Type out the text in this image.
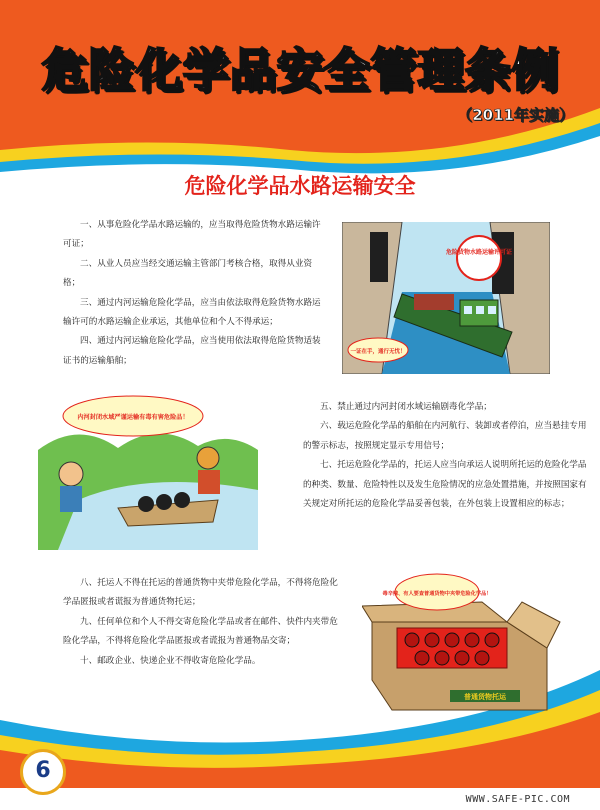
危险化学品安全管理条例
（2011年实施）
危险化学品水路运输安全

一、从事危险化学品水路运输的，应当取得危险货物水路运输许可证；

二、从业人员应当经交通运输主管部门考核合格，取得从业资格；

三、通过内河运输危险化学品，应当由依法取得危险货物水路运输许可的水路运输企业承运，其他单位和个人不得承运；

四、通过内河运输危险化学品，应当使用依法取得危险货物适装证书的运输船舶；

五、禁止通过内河封闭水域运输剧毒化学品；

六、载运危险化学品的船舶在内河航行、装卸或者停泊，应当悬挂专用的警示标志，按照规定显示专用信号；

七、托运危险化学品的，托运人应当向承运人说明所托运的危险化学品的种类、数量、危险特性以及发生危险情况的应急处置措施，并按照国家有关规定对所托运的危险化学品妥善包装，在外包装上设置相应的标志；

八、托运人不得在托运的普通货物中夹带危险化学品，不得将危险化学品匿报或者谎报为普通货物托运；

九、任何单位和个人不得交寄危险化学品或者在邮件、快件内夹带危险化学品，不得将危险化学品匿报或者谎报为普通物品交寄；

十、邮政企业、快递企业不得收寄危险化学品。

危险货物水路运输许可证
一证在手，通行无忧！
内河封闭水域严谨运输有毒有害危险品！
普通货物托运
毒辛辣、有人要查普通货物中夹带危险化学品！
6
WWW.SAFE-PIC.COM
